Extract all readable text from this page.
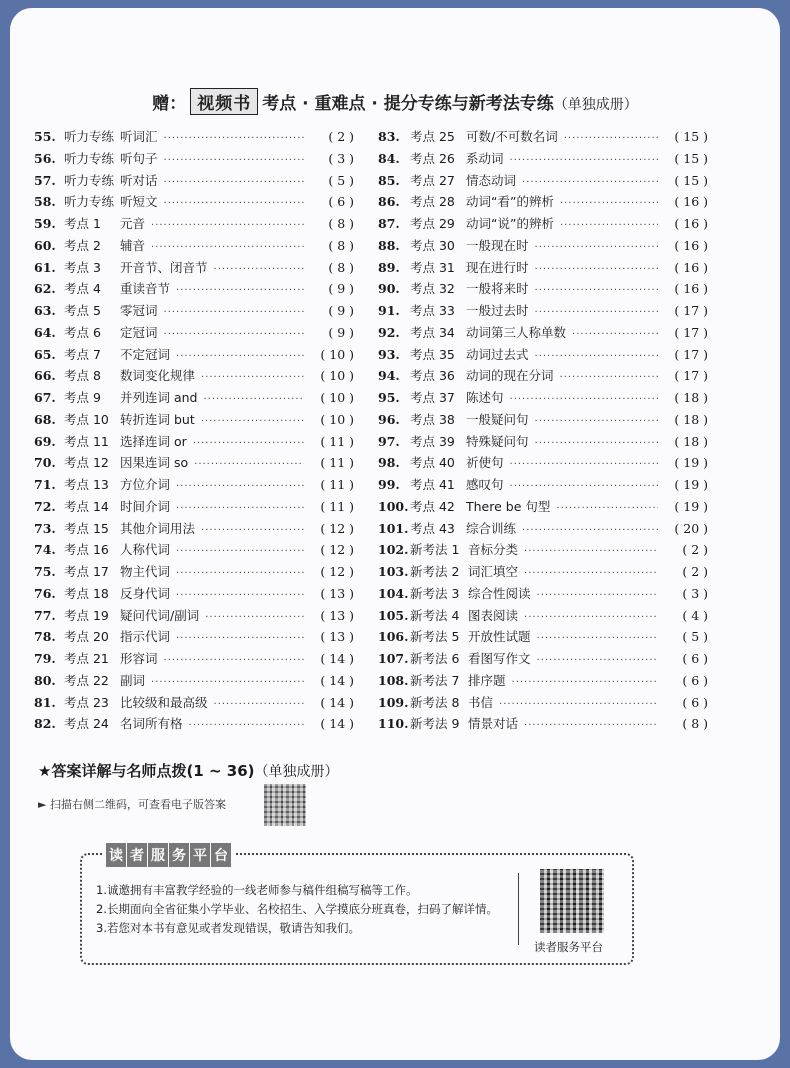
赠： 视频书 考点 · 重难点 · 提分专练与新考法专练（单独成册）
55. 听力专练 听词汇 ·····	( 2 )
56. 听力专练 听句子 ·····	( 3 )
57. 听力专练 听对话 ·····	( 5 )
58. 听力专练 听短文 ·····	( 6 )
59. 考点 1	元音 ·····	( 8 )
60. 考点 2	辅音 ·····	( 8 )
61. 考点 3	开音节、闭音节 ·····	( 8 )
62. 考点 4	重读音节 ·····	( 9 )
63. 考点 5	零冠词 ·····	( 9 )
64. 考点 6	定冠词 ·····	( 9 )
65. 考点 7	不定冠词 ·····	( 10 )
66. 考点 8	数词变化规律 ·····	( 10 )
67. 考点 9	并列连词 and ·····	( 10 )
68. 考点 10 转折连词 but ·····	( 10 )
69. 考点 11 选择连词 or ·····	( 11 )
70. 考点 12 因果连词 so ·····	( 11 )
71. 考点 13 方位介词 ·····	( 11 )
72. 考点 14 时间介词 ·····	( 11 )
73. 考点 15 其他介词用法 ·····	( 12 )
74. 考点 16 人称代词 ·····	( 12 )
75. 考点 17 物主代词 ·····	( 12 )
76. 考点 18 反身代词 ·····	( 13 )
77. 考点 19 疑问代词/副词 ·····	( 13 )
78. 考点 20 指示代词 ·····	( 13 )
79. 考点 21 形容词 ·····	( 14 )
80. 考点 22 副词 ·····	( 14 )
81. 考点 23 比较级和最高级 ·····	( 14 )
82. 考点 24 名词所有格 ·····	( 14 )
83. 考点 25 可数/不可数名词 ·····	( 15 )
84. 考点 26 系动词 ·····	( 15 )
85. 考点 27 情态动词 ·····	( 15 )
86. 考点 28 动词“看”的辨析 ·····	( 16 )
87. 考点 29 动词“说”的辨析 ·····	( 16 )
88. 考点 30 一般现在时 ·····	( 16 )
89. 考点 31 现在进行时 ·····	( 16 )
90. 考点 32 一般将来时 ·····	( 16 )
91. 考点 33 一般过去时 ·····	( 17 )
92. 考点 34 动词第三人称单数 ·····	( 17 )
93. 考点 35 动词过去式 ·····	( 17 )
94. 考点 36 动词的现在分词 ·····	( 17 )
95. 考点 37 陈述句 ·····	( 18 )
96. 考点 38 一般疑问句 ·····	( 18 )
97. 考点 39 特殊疑问句 ·····	( 18 )
98. 考点 40 祈使句 ·····	( 19 )
99. 考点 41 感叹句 ·····	( 19 )
100. 考点 42 There be 句型 ·····	( 19 )
101. 考点 43 综合训练 ·····	( 20 )
102. 新考法 1 音标分类 ·····	( 2 )
103. 新考法 2 词汇填空 ·····	( 2 )
104. 新考法 3 综合性阅读 ·····	( 3 )
105. 新考法 4 图表阅读 ·····	( 4 )
106. 新考法 5 开放性试题 ·····	( 5 )
107. 新考法 6 看图写作文 ·····	( 6 )
108. 新考法 7 排序题 ·····	( 6 )
109. 新考法 8 书信 ·····	( 6 )
110. 新考法 9 情景对话 ·····	( 8 )
★答案详解与名师点拨(1 ~ 36)（单独成册）
► 扫描右侧二维码，可查看电子版答案
读 者 服 务 平 台
1.诚邀拥有丰富教学经验的一线老师参与稿件组稿写稿等工作。
2.长期面向全省征集小学毕业、名校招生、入学摸底分班真卷，扫码了解详情。
3.若您对本书有意见或者发现错误，敬请告知我们。
读者服务平台
